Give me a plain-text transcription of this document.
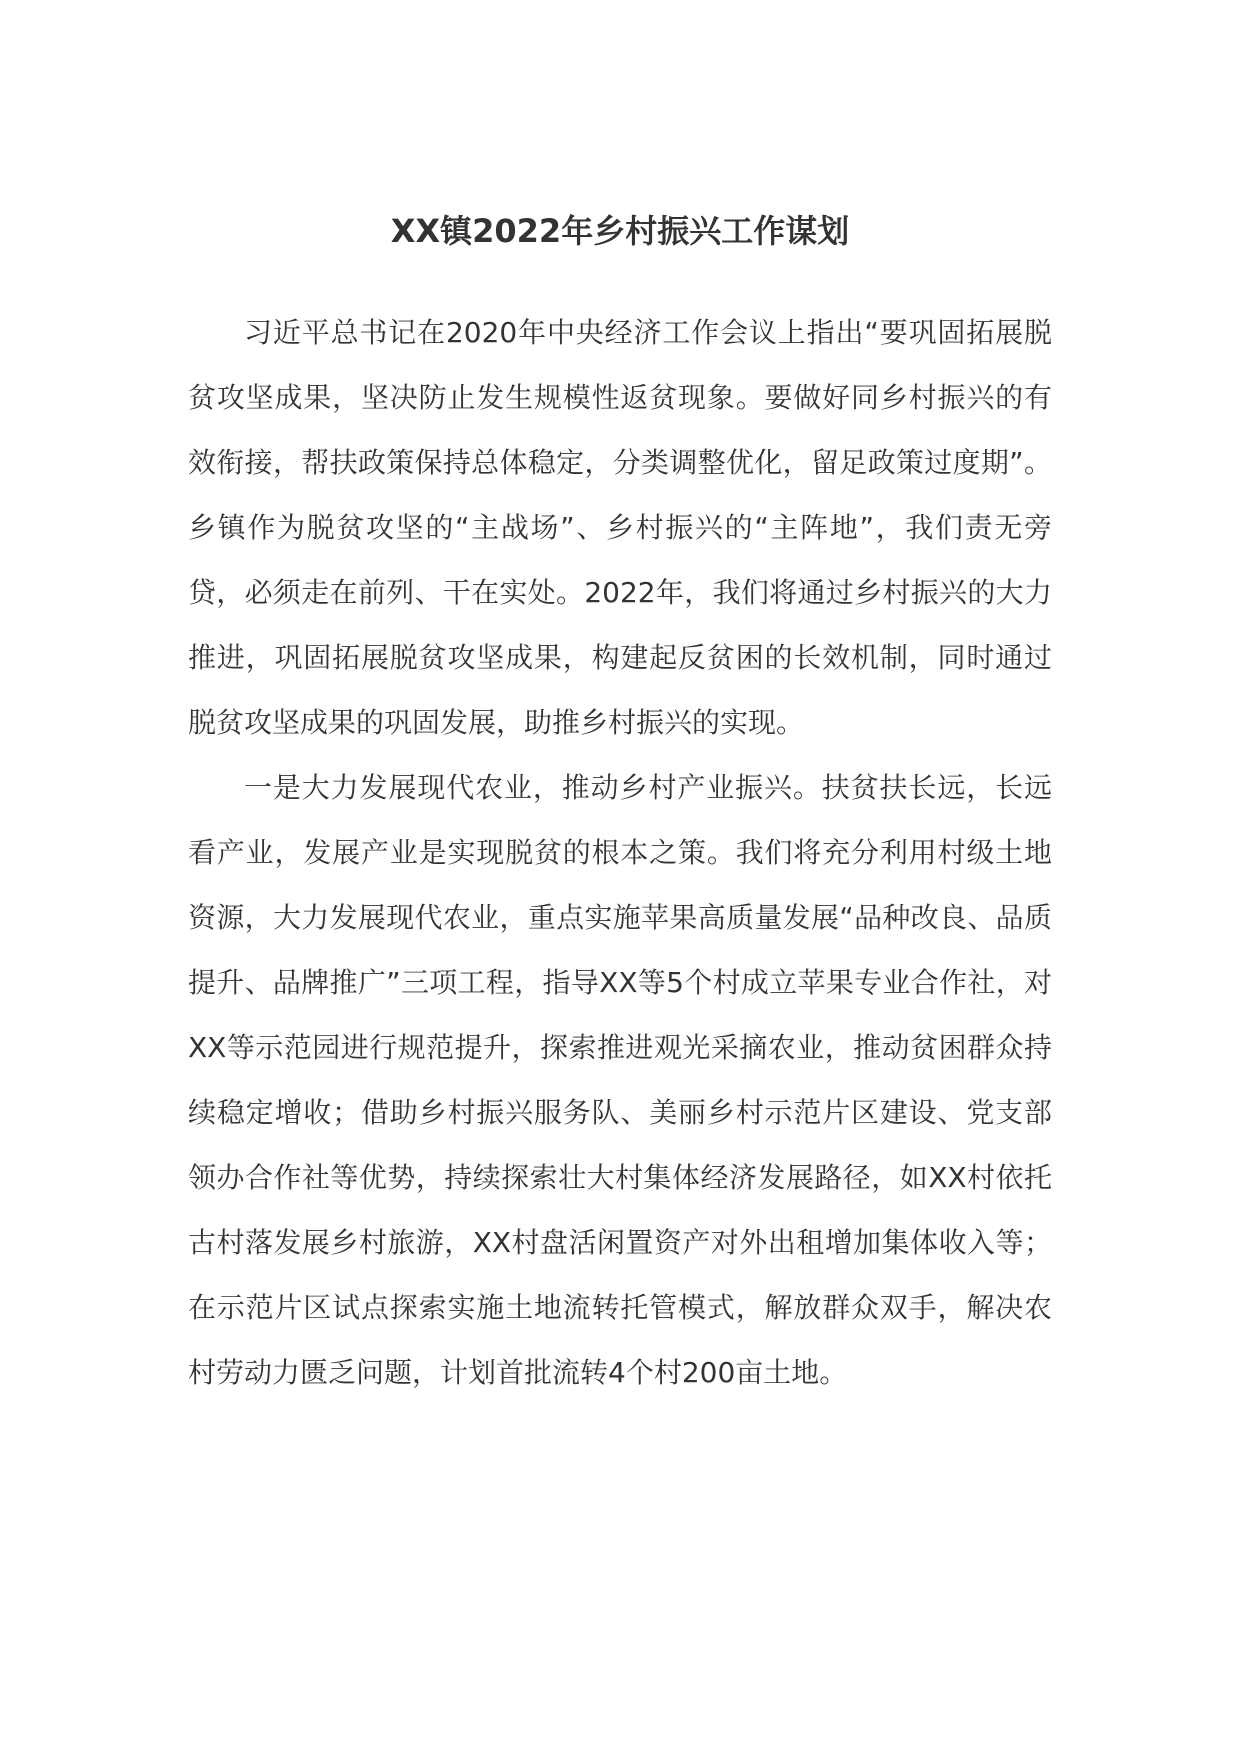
XX镇2022年乡村振兴工作谋划

习近平总书记在2020年中央经济工作会议上指出“要巩固拓展脱贫攻坚成果，坚决防止发生规模性返贫现象。要做好同乡村振兴的有效衔接，帮扶政策保持总体稳定，分类调整优化，留足政策过度期”。乡镇作为脱贫攻坚的“主战场”、乡村振兴的“主阵地”，我们责无旁贷，必须走在前列、干在实处。2022年，我们将通过乡村振兴的大力推进，巩固拓展脱贫攻坚成果，构建起反贫困的长效机制，同时通过脱贫攻坚成果的巩固发展，助推乡村振兴的实现。

一是大力发展现代农业，推动乡村产业振兴。扶贫扶长远，长远看产业，发展产业是实现脱贫的根本之策。我们将充分利用村级土地资源，大力发展现代农业，重点实施苹果高质量发展“品种改良、品质提升、品牌推广”三项工程，指导XX等5个村成立苹果专业合作社，对XX等示范园进行规范提升，探索推进观光采摘农业，推动贫困群众持续稳定增收；借助乡村振兴服务队、美丽乡村示范片区建设、党支部领办合作社等优势，持续探索壮大村集体经济发展路径，如XX村依托古村落发展乡村旅游，XX村盘活闲置资产对外出租增加集体收入等；在示范片区试点探索实施土地流转托管模式，解放群众双手，解决农村劳动力匮乏问题，计划首批流转4个村200亩土地。
